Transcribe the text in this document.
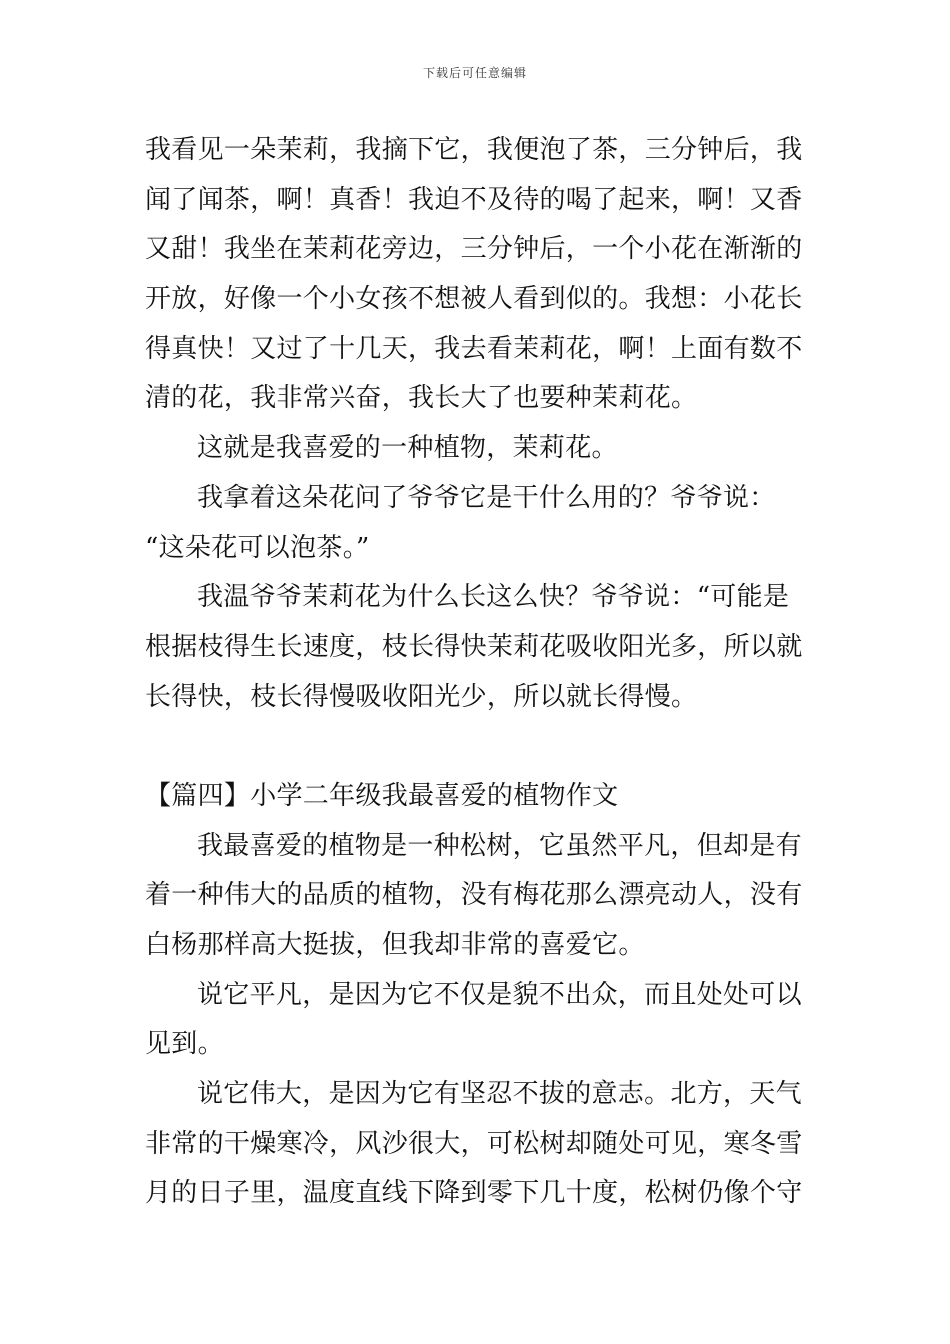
下载后可任意编辑
我看见一朵茉莉，我摘下它，我便泡了茶，三分钟后，我
闻了闻茶，啊！真香！我迫不及待的喝了起来，啊！又香
又甜！我坐在茉莉花旁边，三分钟后，一个小花在渐渐的
开放，好像一个小女孩不想被人看到似的。我想：小花长
得真快！又过了十几天，我去看茉莉花，啊！上面有数不
清的花，我非常兴奋，我长大了也要种茉莉花。
这就是我喜爱的一种植物，茉莉花。
我拿着这朵花问了爷爷它是干什么用的？爷爷说：
“这朵花可以泡茶。”
我温爷爷茉莉花为什么长这么快？爷爷说：“可能是
根据枝得生长速度，枝长得快茉莉花吸收阳光多，所以就
长得快，枝长得慢吸收阳光少，所以就长得慢。
【篇四】小学二年级我最喜爱的植物作文
我最喜爱的植物是一种松树，它虽然平凡，但却是有
着一种伟大的品质的植物，没有梅花那么漂亮动人，没有
白杨那样高大挺拔，但我却非常的喜爱它。
说它平凡，是因为它不仅是貌不出众，而且处处可以
见到。
说它伟大，是因为它有坚忍不拔的意志。北方，天气
非常的干燥寒冷，风沙很大，可松树却随处可见，寒冬雪
月的日子里，温度直线下降到零下几十度，松树仍像个守
